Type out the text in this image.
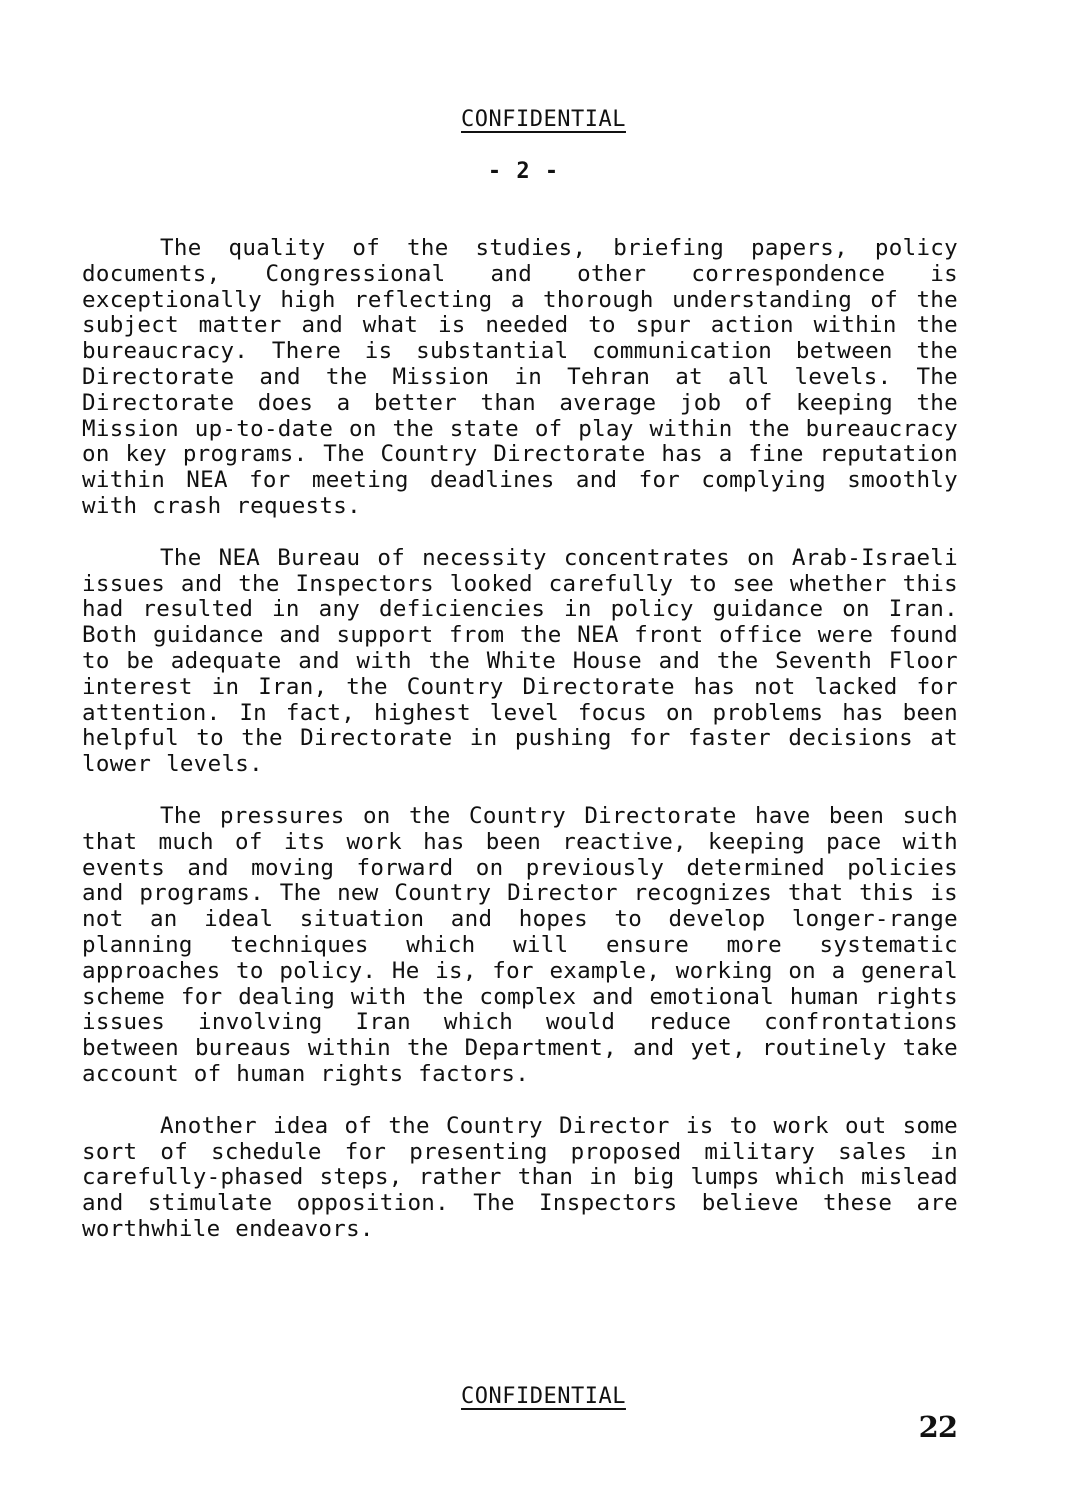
CONFIDENTIAL
- 2 -

The quality of the studies, briefing papers, policy documents, Congressional and other correspondence is exceptionally high reflecting a thorough understanding of the subject matter and what is needed to spur action within the bureaucracy. There is substantial communication between the Directorate and the Mission in Tehran at all levels. The Directorate does a better than average job of keeping the Mission up-to-date on the state of play within the bureaucracy on key programs. The Country Directorate has a fine reputation within NEA for meeting deadlines and for complying smoothly with crash requests.

The NEA Bureau of necessity concentrates on Arab-Israeli issues and the Inspectors looked carefully to see whether this had resulted in any deficiencies in policy guidance on Iran. Both guidance and support from the NEA front office were found to be adequate and with the White House and the Seventh Floor interest in Iran, the Country Directorate has not lacked for attention. In fact, highest level focus on problems has been helpful to the Directorate in pushing for faster decisions at lower levels.

The pressures on the Country Directorate have been such that much of its work has been reactive, keeping pace with events and moving forward on previously determined policies and programs. The new Country Director recognizes that this is not an ideal situation and hopes to develop longer-range planning techniques which will ensure more systematic approaches to policy. He is, for example, working on a general scheme for dealing with the complex and emotional human rights issues involving Iran which would reduce confrontations between bureaus within the Department, and yet, routinely take account of human rights factors.

Another idea of the Country Director is to work out some sort of schedule for presenting proposed military sales in carefully-phased steps, rather than in big lumps which mislead and stimulate opposition. The Inspectors believe these are worthwhile endeavors.

CONFIDENTIAL
22
